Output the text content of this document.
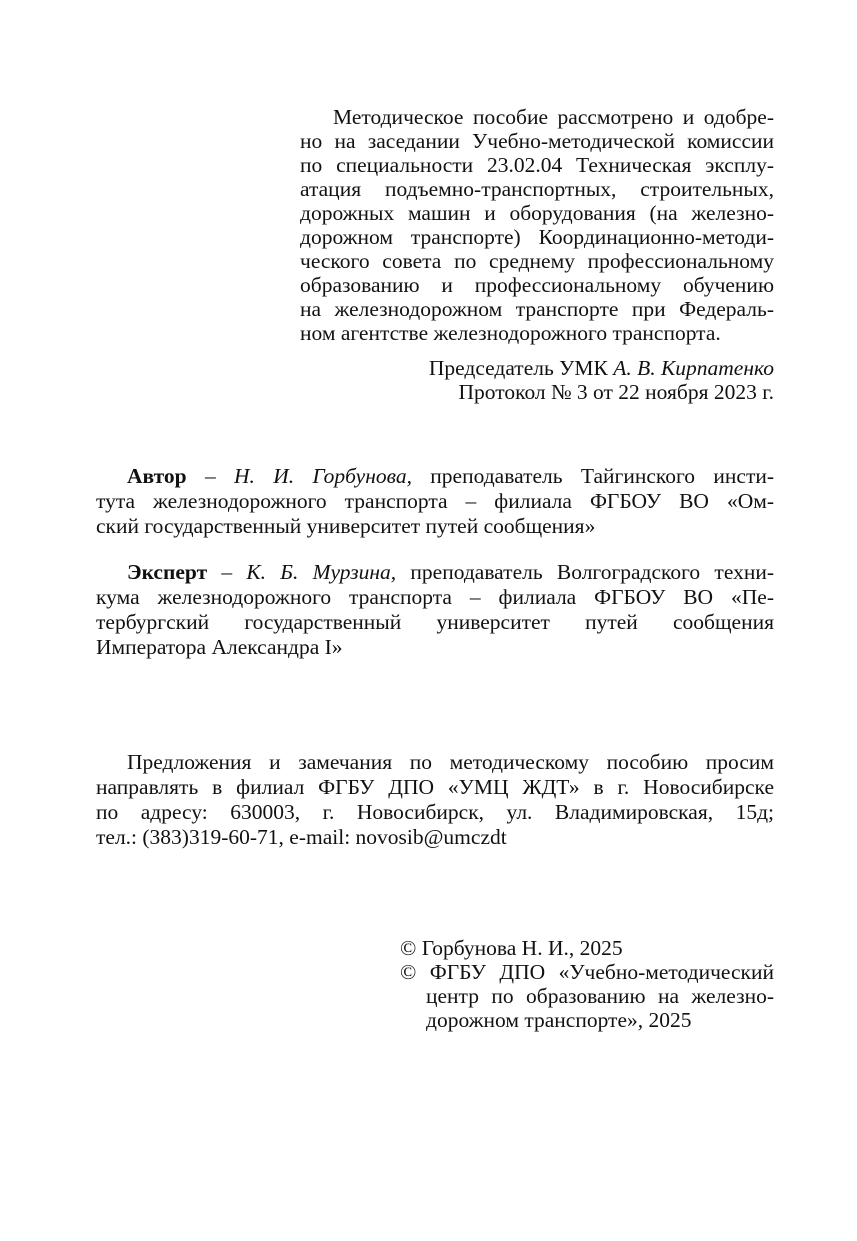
Методическое пособие рассмотрено и одобре-
но на заседании Учебно-методической комиссии
по специальности 23.02.04 Техническая эксплу-
атация подъемно-транспортных, строительных,
дорожных машин и оборудования (на железно-
дорожном транспорте) Координационно-методи-
ческого совета по среднему профессиональному
образованию и профессиональному обучению
на железнодорожном транспорте при Федераль-
ном агентстве железнодорожного транспорта.
Председатель УМК А. В. Кирпатенко
Протокол № 3 от 22 ноября 2023 г.
Автор – Н. И. Горбунова, преподаватель Тайгинского инсти-
тута железнодорожного транспорта – филиала ФГБОУ ВО «Ом-
ский государственный университет путей сообщения»
Эксперт – К. Б. Мурзина, преподаватель Волгоградского техни-
кума железнодорожного транспорта – филиала ФГБОУ ВО «Пе-
тербургский государственный университет путей сообщения
Императора Александра I»
Предложения и замечания по методическому пособию просим
направлять в филиал ФГБУ ДПО «УМЦ ЖДТ» в г. Новосибирске
по адресу: 630003, г. Новосибирск, ул. Владимировская, 15д;
тел.: (383)319-60-71, e-mail: novosib@umczdt
© Горбунова Н. И., 2025
© ФГБУ ДПО «Учебно-методический
центр по образованию на железно-
дорожном транспорте», 2025
